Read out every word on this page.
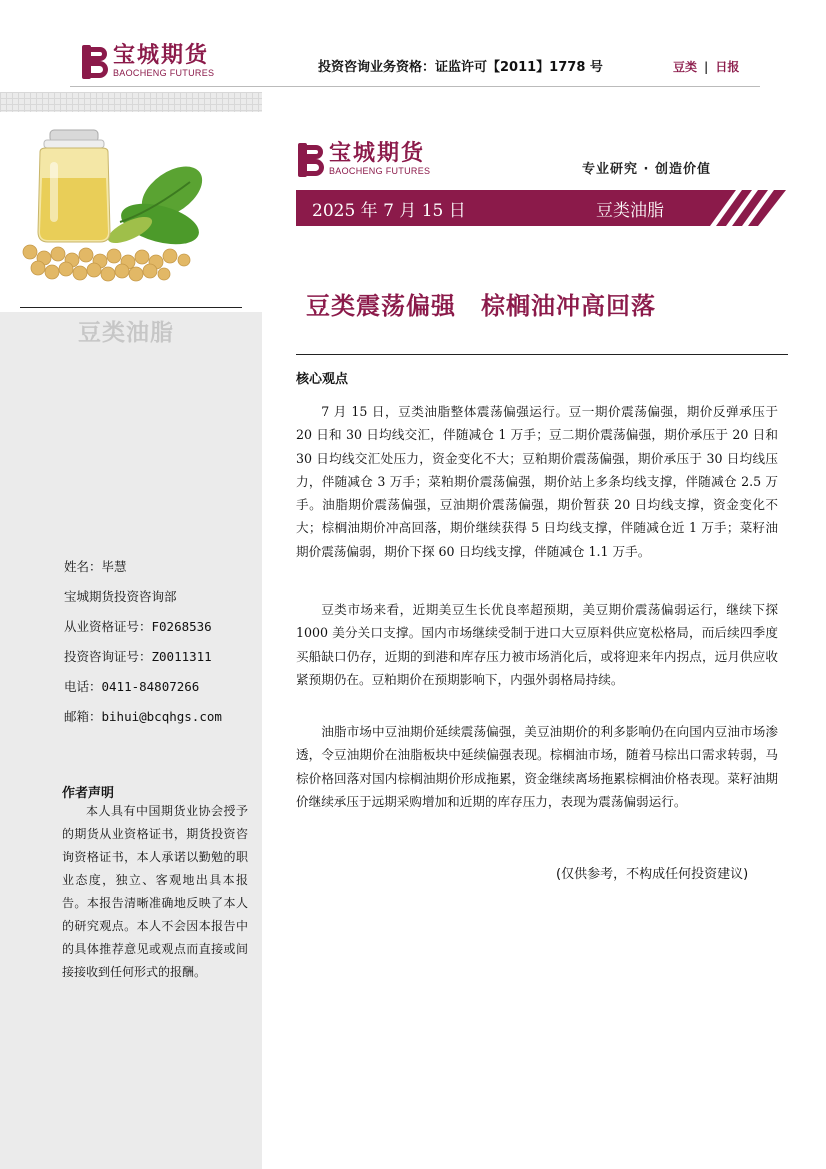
宝城期货
BAOCHENG FUTURES	投资咨询业务资格：证监许可【2011】1778 号	豆类 | 日报
豆类油脂
姓名：毕慧
宝城期货投资咨询部
从业资格证号：F0268536
投资咨询证号：Z0011311
电话：0411-84807266
邮箱：bihui@bcqhgs.com
作者声明
本人具有中国期货业协会授予的期货从业资格证书，期货投资咨询资格证书，本人承诺以勤勉的职业态度，独立、客观地出具本报告。本报告清晰准确地反映了本人的研究观点。本人不会因本报告中的具体推荐意见或观点而直接或间接接收到任何形式的报酬。
宝城期货
BAOCHENG FUTURES	专业研究 · 创造价值
2025 年 7 月 15 日	豆类油脂
豆类震荡偏强　棕榈油冲高回落
核心观点
7 月 15 日，豆类油脂整体震荡偏强运行。豆一期价震荡偏强，期价反弹承压于 20 日和 30 日均线交汇，伴随减仓 1 万手；豆二期价震荡偏强，期价承压于 20 日和 30 日均线交汇处压力，资金变化不大；豆粕期价震荡偏强，期价承压于 30 日均线压力，伴随减仓 3 万手；菜粕期价震荡偏强，期价站上多条均线支撑，伴随减仓 2.5 万手。油脂期价震荡偏强，豆油期价震荡偏强，期价暂获 20 日均线支撑，资金变化不大；棕榈油期价冲高回落，期价继续获得 5 日均线支撑，伴随减仓近 1 万手；菜籽油期价震荡偏弱，期价下探 60 日均线支撑，伴随减仓 1.1 万手。
豆类市场来看，近期美豆生长优良率超预期，美豆期价震荡偏弱运行，继续下探 1000 美分关口支撑。国内市场继续受制于进口大豆原料供应宽松格局，而后续四季度买船缺口仍存，近期的到港和库存压力被市场消化后，或将迎来年内拐点，远月供应收紧预期仍在。豆粕期价在预期影响下，内强外弱格局持续。
油脂市场中豆油期价延续震荡偏强，美豆油期价的利多影响仍在向国内豆油市场渗透，令豆油期价在油脂板块中延续偏强表现。棕榈油市场，随着马棕出口需求转弱，马棕价格回落对国内棕榈油期价形成拖累，资金继续离场拖累棕榈油价格表现。菜籽油期价继续承压于远期采购增加和近期的库存压力，表现为震荡偏弱运行。
(仅供参考，不构成任何投资建议)
